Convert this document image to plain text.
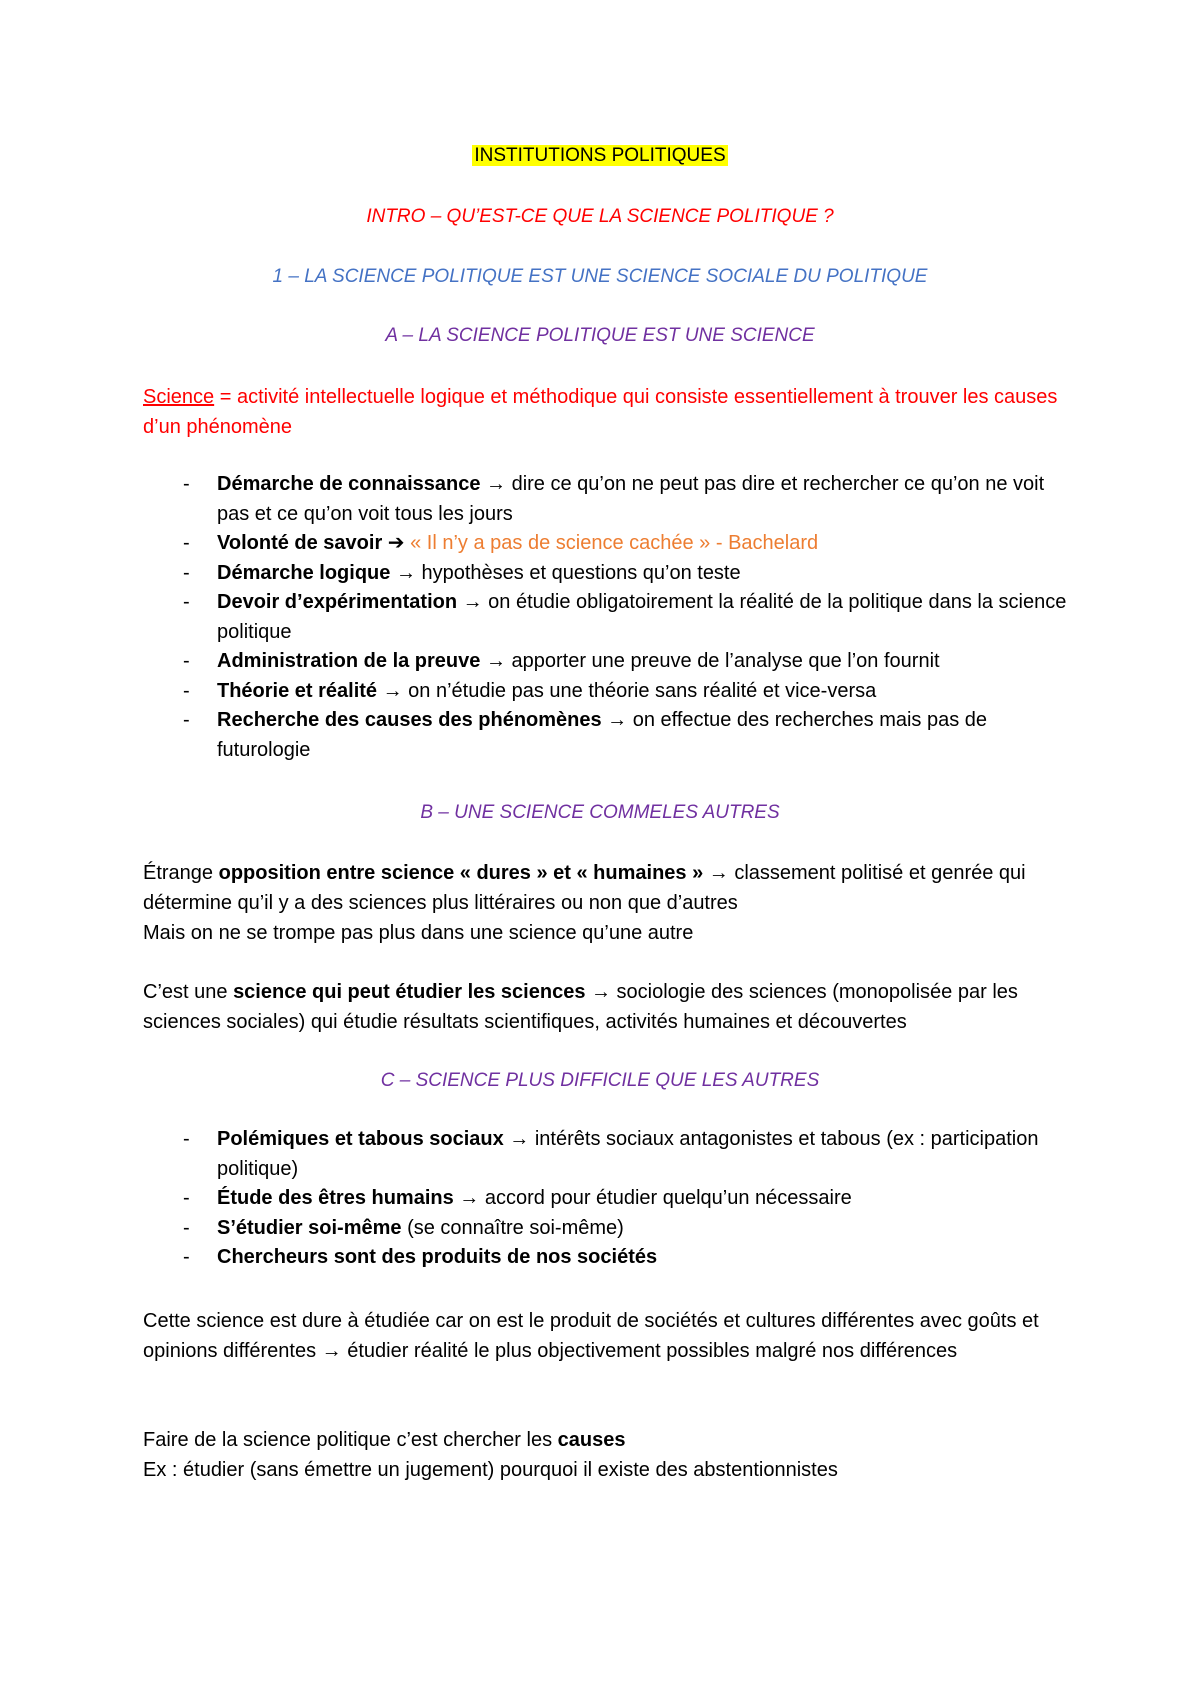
INSTITUTIONS POLITIQUES
INTRO – QU’EST-CE QUE LA SCIENCE POLITIQUE ?
1 – LA SCIENCE POLITIQUE EST UNE SCIENCE SOCIALE DU POLITIQUE
A – LA SCIENCE POLITIQUE EST UNE SCIENCE
Science = activité intellectuelle logique et méthodique qui consiste essentiellement à trouver les causes d’un phénomène
- Démarche de connaissance → dire ce qu’on ne peut pas dire et rechercher ce qu’on ne voit pas et ce qu’on voit tous les jours
- Volonté de savoir ➔ « Il n’y a pas de science cachée » - Bachelard
- Démarche logique → hypothèses et questions qu’on teste
- Devoir d’expérimentation → on étudie obligatoirement la réalité de la politique dans la science politique
- Administration de la preuve → apporter une preuve de l’analyse que l’on fournit
- Théorie et réalité → on n’étudie pas une théorie sans réalité et vice-versa
- Recherche des causes des phénomènes → on effectue des recherches mais pas de futurologie
B – UNE SCIENCE COMMELES AUTRES
Étrange opposition entre science « dures » et « humaines » → classement politisé et genrée qui détermine qu’il y a des sciences plus littéraires ou non que d’autres
Mais on ne se trompe pas plus dans une science qu’une autre
C’est une science qui peut étudier les sciences → sociologie des sciences (monopolisée par les sciences sociales) qui étudie résultats scientifiques, activités humaines et découvertes
C – SCIENCE PLUS DIFFICILE QUE LES AUTRES
- Polémiques et tabous sociaux → intérêts sociaux antagonistes et tabous (ex : participation politique)
- Étude des êtres humains → accord pour étudier quelqu’un nécessaire
- S’étudier soi-même (se connaître soi-même)
- Chercheurs sont des produits de nos sociétés
Cette science est dure à étudiée car on est le produit de sociétés et cultures différentes avec goûts et opinions différentes → étudier réalité le plus objectivement possibles malgré nos différences
Faire de la science politique c’est chercher les causes
Ex : étudier (sans émettre un jugement) pourquoi il existe des abstentionnistes
